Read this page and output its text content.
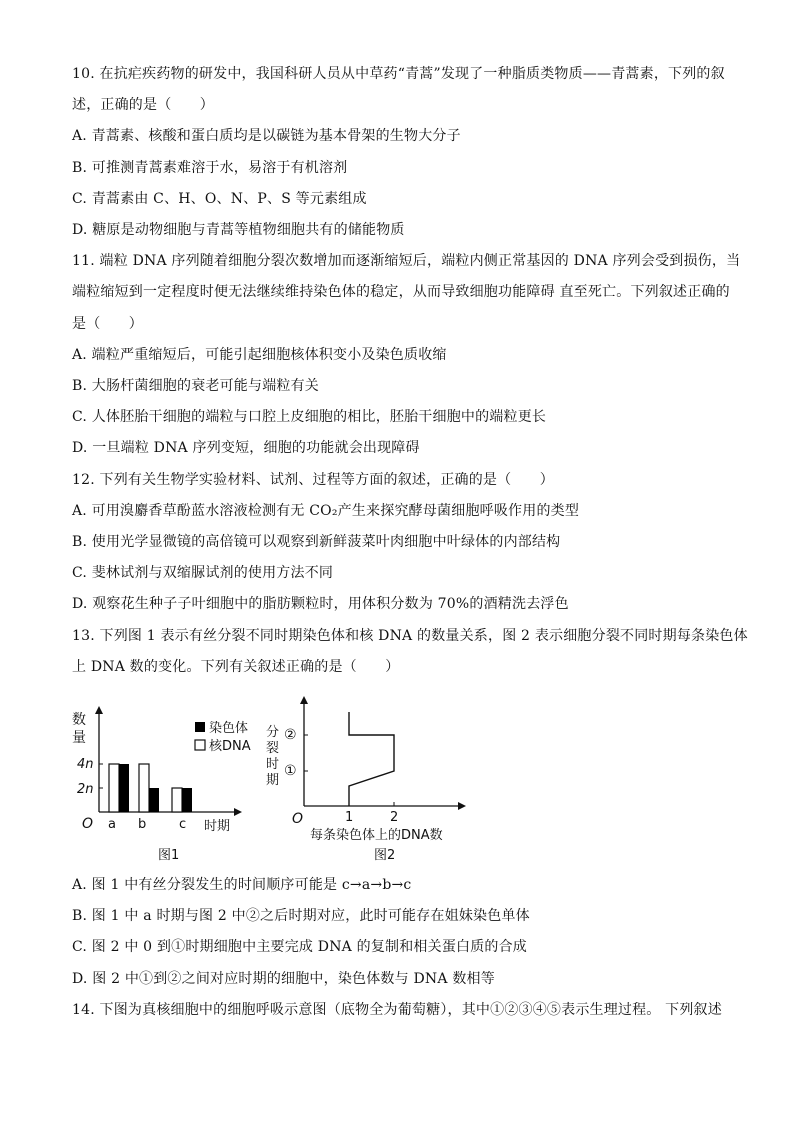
10. 在抗疟疾药物的研发中，我国科研人员从中草药“青蒿”发现了一种脂质类物质——青蒿素，下列的叙
述，正确的是（　　）
A. 青蒿素、核酸和蛋白质均是以碳链为基本骨架的生物大分子
B. 可推测青蒿素难溶于水，易溶于有机溶剂
C. 青蒿素由 C、H、O、N、P、S 等元素组成
D. 糖原是动物细胞与青蒿等植物细胞共有的储能物质
11. 端粒 DNA 序列随着细胞分裂次数增加而逐渐缩短后，端粒内侧正常基因的 DNA 序列会受到损伤，当
端粒缩短到一定程度时便无法继续维持染色体的稳定，从而导致细胞功能障碍 直至死亡。下列叙述正确的
是（　　）
A. 端粒严重缩短后，可能引起细胞核体积变小及染色质收缩
B. 大肠杆菌细胞的衰老可能与端粒有关
C. 人体胚胎干细胞的端粒与口腔上皮细胞的相比，胚胎干细胞中的端粒更长
D. 一旦端粒 DNA 序列变短，细胞的功能就会出现障碍
12. 下列有关生物学实验材料、试剂、过程等方面的叙述，正确的是（　　）
A. 可用溴麝香草酚蓝水溶液检测有无 CO₂产生来探究酵母菌细胞呼吸作用的类型
B. 使用光学显微镜的高倍镜可以观察到新鲜菠菜叶肉细胞中叶绿体的内部结构
C. 斐林试剂与双缩脲试剂的使用方法不同
D. 观察花生种子子叶细胞中的脂肪颗粒时，用体积分数为 70%的酒精洗去浮色
13. 下列图 1 表示有丝分裂不同时期染色体和核 DNA 的数量关系，图 2 表示细胞分裂不同时期每条染色体
上 DNA 数的变化。下列有关叙述正确的是（　　）
数
量
4n
2n
O a b	c 时期
染色体
核DNA
图1
分
裂
时
期
②
①
1	2
O
每条染色体上的DNA数
图2
A. 图 1 中有丝分裂发生的时间顺序可能是 c→a→b→c
B. 图 1 中 a 时期与图 2 中②之后时期对应，此时可能存在姐妹染色单体
C. 图 2 中 0 到①时期细胞中主要完成 DNA 的复制和相关蛋白质的合成
D. 图 2 中①到②之间对应时期的细胞中，染色体数与 DNA 数相等
14. 下图为真核细胞中的细胞呼吸示意图（底物全为葡萄糖），其中①②③④⑤表示生理过程。 下列叙述
